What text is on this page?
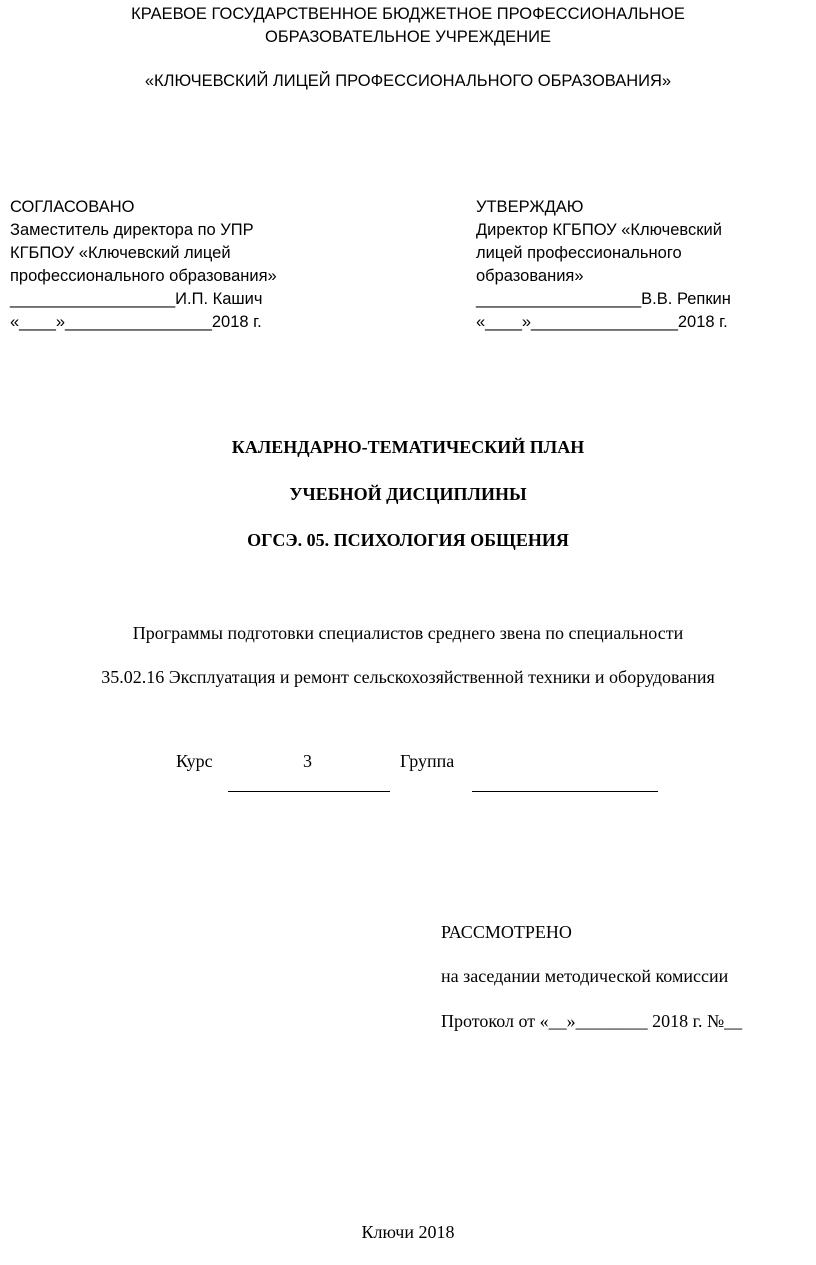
КРАЕВОЕ ГОСУДАРСТВЕННОЕ БЮДЖЕТНОЕ ПРОФЕССИОНАЛЬНОЕ
ОБРАЗОВАТЕЛЬНОЕ УЧРЕЖДЕНИЕ
«КЛЮЧЕВСКИЙ ЛИЦЕЙ ПРОФЕССИОНАЛЬНОГО ОБРАЗОВАНИЯ»
СОГЛАСОВАНО
Заместитель директора по УПР
КГБПОУ «Ключевский лицей
профессионального образования»
__________________И.П. Кашич
«____»________________2018 г.
УТВЕРЖДАЮ
Директор КГБПОУ «Ключевский
лицей профессионального
образования»
__________________В.В. Репкин
«____»________________2018 г.
КАЛЕНДАРНО-ТЕМАТИЧЕСКИЙ ПЛАН
УЧЕБНОЙ ДИСЦИПЛИНЫ
ОГСЭ. 05. ПСИХОЛОГИЯ ОБЩЕНИЯ
Программы подготовки специалистов среднего звена по специальности
35.02.16 Эксплуатация и ремонт сельскохозяйственной техники и оборудования
Курс	3	Группа
РАССМОТРЕНО
на заседании методической комиссии
Протокол от «__»________ 2018 г. №__
Ключи 2018
